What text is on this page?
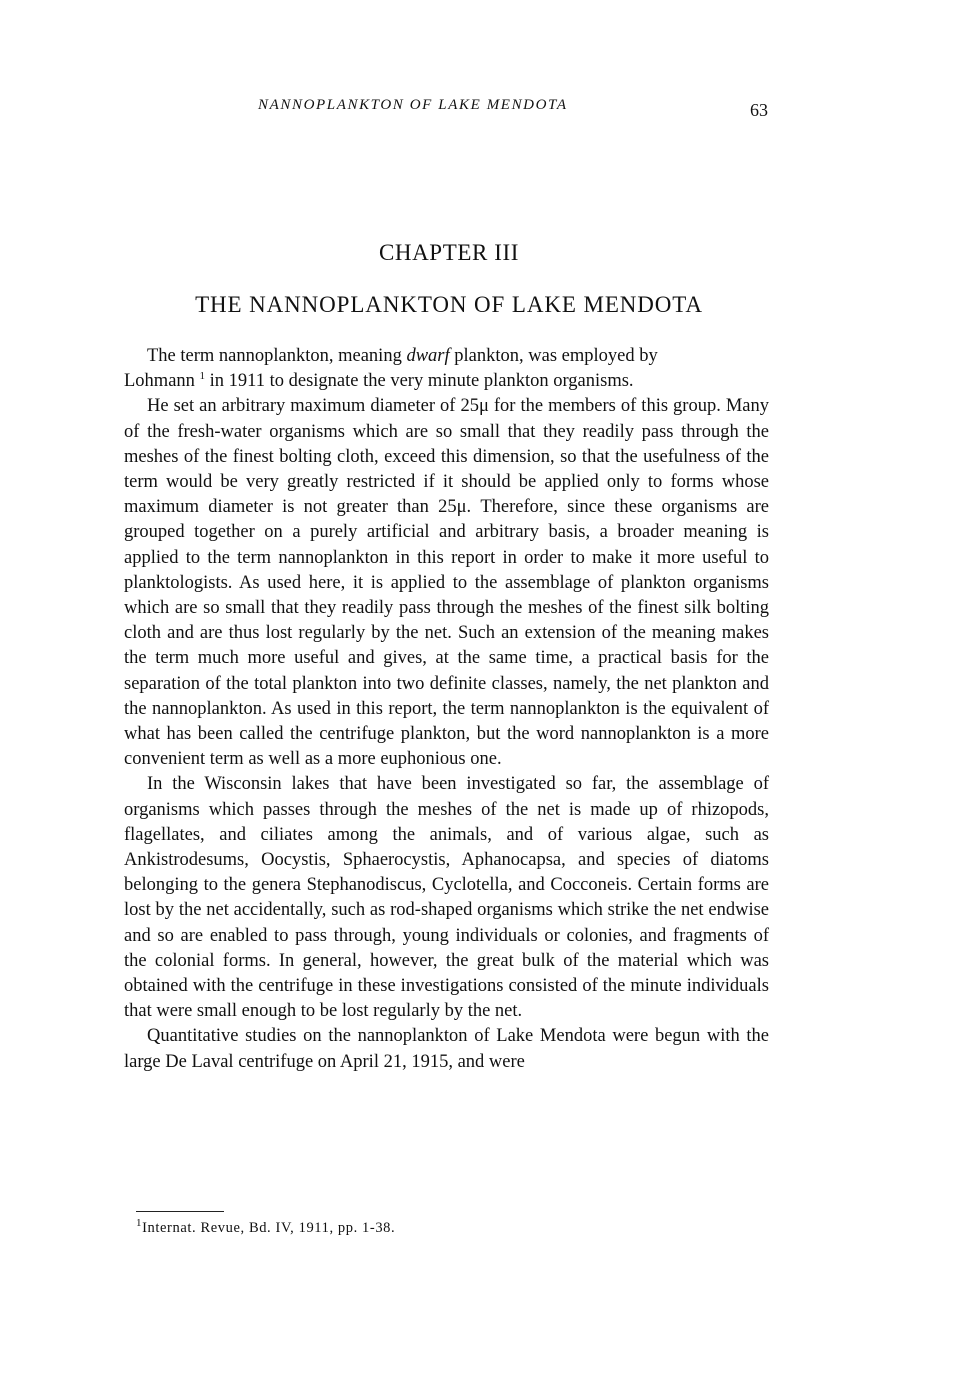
NANNOPLANKTON OF LAKE MENDOTA	63
CHAPTER III
THE NANNOPLANKTON OF LAKE MENDOTA

The term nannoplankton, meaning dwarf plankton, was employed by
Lohmann $^1$ in 1911 to designate the very minute plankton organisms.

He set an arbitrary maximum diameter of 25μ for the members of this group. Many of the fresh-water organisms which are so small that they readily pass through the meshes of the finest bolting cloth, exceed this dimension, so that the usefulness of the term would be very greatly restricted if it should be applied only to forms whose maximum diameter is not greater than 25μ. Therefore, since these organisms are grouped together on a purely artificial and arbitrary basis, a broader meaning is applied to the term nannoplankton in this report in order to make it more useful to planktologists. As used here, it is applied to the assemblage of plankton organisms which are so small that they readily pass through the meshes of the finest silk bolting cloth and are thus lost regularly by the net. Such an extension of the meaning makes the term much more useful and gives, at the same time, a practical basis for the separation of the total plankton into two definite classes, namely, the net plankton and the nannoplankton. As used in this report, the term nannoplankton is the equivalent of what has been called the centrifuge plankton, but the word nannoplankton is a more convenient term as well as a more euphonious one.

In the Wisconsin lakes that have been investigated so far, the assemblage of organisms which passes through the meshes of the net is made up of rhizopods, flagellates, and ciliates among the animals, and of various algae, such as Ankistrodesums, Oocystis, Sphaerocystis, Aphanocapsa, and species of diatoms belonging to the genera Stephanodiscus, Cyclotella, and Cocconeis. Certain forms are lost by the net accidentally, such as rod-shaped organisms which strike the net endwise and so are enabled to pass through, young individuals or colonies, and fragments of the colonial forms. In general, however, the great bulk of the material which was obtained with the centrifuge in these investigations consisted of the minute individuals that were small enough to be lost regularly by the net.

Quantitative studies on the nannoplankton of Lake Mendota were begun with the large De Laval centrifuge on April 21, 1915, and were

$^1$Internat. Revue, Bd. IV, 1911, pp. 1-38.
